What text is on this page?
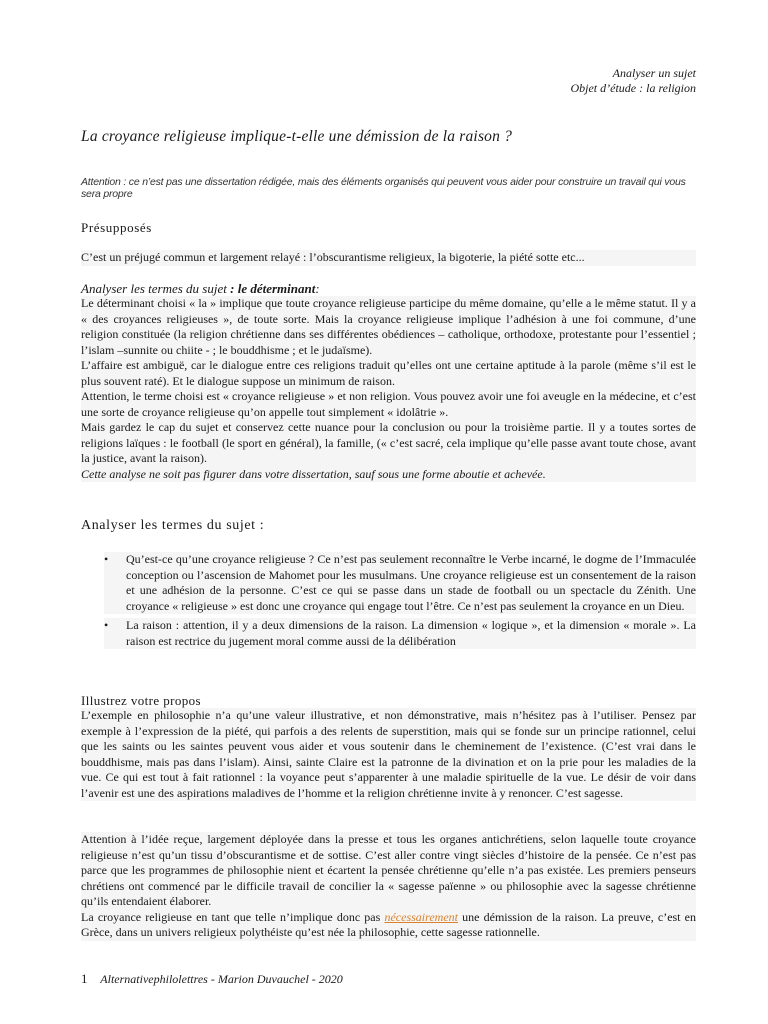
Analyser un sujet
Objet d’étude : la religion
La croyance religieuse implique-t-elle une démission de la raison ?
Attention : ce n’est pas une dissertation rédigée, mais des éléments organisés qui peuvent vous aider pour construire un travail qui vous sera propre
Présupposés
C’est un préjugé commun et largement relayé : l’obscurantisme religieux, la bigoterie, la piété sotte etc...
Analyser les termes du sujet : le déterminant:
Le déterminant choisi « la » implique que toute croyance religieuse participe du même domaine, qu’elle a le même statut. Il y a « des croyances religieuses », de toute sorte. Mais la croyance religieuse implique l’adhésion à une foi commune, d’une religion constituée (la religion chrétienne dans ses différentes obédiences – catholique, orthodoxe, protestante pour l’essentiel ; l’islam –sunnite ou chiite - ; le bouddhisme ; et le judaïsme).
L’affaire est ambiguë, car le dialogue entre ces religions traduit qu’elles ont une certaine aptitude à la parole (même s’il est le plus souvent raté). Et le dialogue suppose un minimum de raison.
Attention, le terme choisi est « croyance religieuse » et non religion. Vous pouvez avoir une foi aveugle en la médecine, et c’est une sorte de croyance religieuse qu’on appelle tout simplement « idolâtrie ».
Mais gardez le cap du sujet et conservez cette nuance pour la conclusion ou pour la troisième partie. Il y a toutes sortes de religions laïques : le football (le sport en général), la famille, (« c’est sacré, cela implique qu’elle passe avant toute chose, avant la justice, avant la raison).
Cette analyse ne soit pas figurer dans votre dissertation, sauf sous une forme aboutie et achevée.
Analyser les termes du sujet :
• Qu’est-ce qu’une croyance religieuse ? Ce n’est pas seulement reconnaître le Verbe incarné, le dogme de l’Immaculée conception ou l’ascension de Mahomet pour les musulmans. Une croyance religieuse est un consentement de la raison et une adhésion de la personne. C’est ce qui se passe dans un stade de football ou un spectacle du Zénith. Une croyance « religieuse » est donc une croyance qui engage tout l’être. Ce n’est pas seulement la croyance en un Dieu.
• La raison : attention, il y a deux dimensions de la raison. La dimension « logique », et la dimension « morale ». La raison est rectrice du jugement moral comme aussi de la délibération
Illustrez votre propos
L’exemple en philosophie n’a qu’une valeur illustrative, et non démonstrative, mais n’hésitez pas à l’utiliser. Pensez par exemple à l’expression de la piété, qui parfois a des relents de superstition, mais qui se fonde sur un principe rationnel, celui que les saints ou les saintes peuvent vous aider et vous soutenir dans le cheminement de l’existence. (C’est vrai dans le bouddhisme, mais pas dans l’islam). Ainsi, sainte Claire est la patronne de la divination et on la prie pour les maladies de la vue. Ce qui est tout à fait rationnel : la voyance peut s’apparenter à une maladie spirituelle de la vue. Le désir de voir dans l’avenir est une des aspirations maladives de l’homme et la religion chrétienne invite à y renoncer. C’est sagesse.
Attention à l’idée reçue, largement déployée dans la presse et tous les organes antichrétiens, selon laquelle toute croyance religieuse n’est qu’un tissu d’obscurantisme et de sottise. C’est aller contre vingt siècles d’histoire de la pensée. Ce n’est pas parce que les programmes de philosophie nient et écartent la pensée chrétienne qu’elle n’a pas existée. Les premiers penseurs chrétiens ont commencé par le difficile travail de concilier la « sagesse païenne » ou philosophie avec la sagesse chrétienne qu’ils entendaient élaborer.
La croyance religieuse en tant que telle n’implique donc pas nécessairement une démission de la raison. La preuve, c’est en Grèce, dans un univers religieux polythéiste qu’est née la philosophie, cette sagesse rationnelle.
1 Alternativephilolettres - Marion Duvauchel - 2020
